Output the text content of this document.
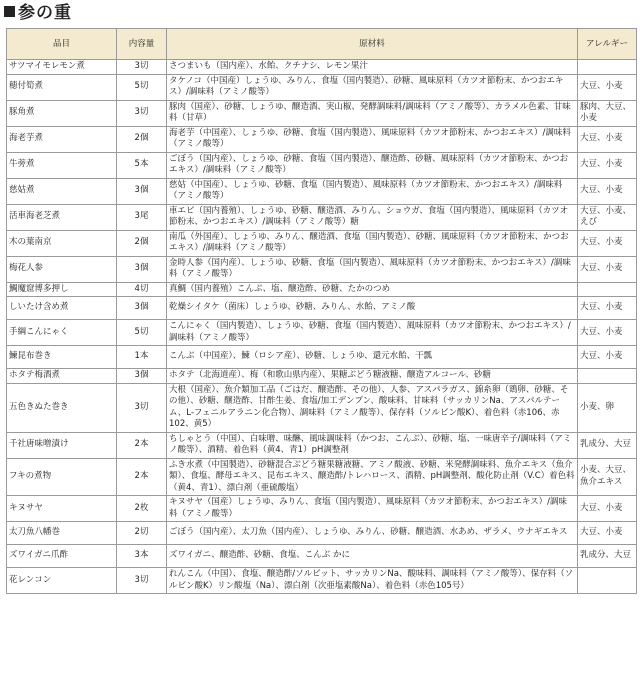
参の重
品目	内容量	原材料	アレルギー
サツマイモレモン煮	3切	さつまいも（国内産）、水飴、クチナシ、レモン果汁	
穂付筍煮	5切	タケノコ（中国産）しょうゆ、みりん、食塩（国内製造）、砂糖、風味原料（カツオ節粉末、かつおエキス）/調味料（アミノ酸等）	大豆、小麦
豚角煮	3切	豚肉（国産）、砂糖、しょうゆ、醸造酒、実山椒、発酵調味料/調味料（アミノ酸等）、カラメル色素、甘味料（甘草）	豚肉、大豆、小麦
海老芋煮	2個	海老芋（中国産）、しょうゆ、砂糖、食塩（国内製造）、風味原料（カツオ節粉末、かつおエキス）/調味料（アミノ酸等）	大豆、小麦
牛蒡煮	5本	ごぼう（国内産）、しょうゆ、砂糖、食塩（国内製造）、醸造酢、砂糖、風味原料（カツオ節粉末、かつおエキス）/調味料（アミノ酸等）	大豆、小麦
慈姑煮	3個	慈姑（中国産）、しょうゆ、砂糖、食塩（国内製造）、風味原料（カツオ節粉末、かつおエキス）/調味料（アミノ酸等）	大豆、小麦
活車海老芝煮	3尾	車エビ（国内養殖）、しょうゆ、砂糖、醸造酒、みりん、ショウガ、食塩（国内製造）、風味原料（カツオ節粉末、かつおエキス）/調味料（アミノ酸等）糖	大豆、小麦、えび
木の葉南京	2個	南瓜（外国産）、しょうゆ、みりん、醸造酒、食塩（国内製造）、砂糖、風味原料（カツオ節粉末、かつおエキス）/調味料（アミノ酸等）	大豆、小麦
梅花人参	3個	金時人参（国内産）、しょうゆ、砂糖、食塩（国内製造）、風味原料（カツオ節粉末、かつおエキス）/調味料（アミノ酸等）	大豆、小麦
鯛魔窟博多押し	4切	真鯛（国内養殖）こんぶ、塩、醸造酢、砂糖、たかのつめ	
しいたけ含め煮	3個	乾燥シイタケ（菌床）しょうゆ、砂糖、みりん、水飴、アミノ酸	大豆、小麦
手綱こんにゃく	5切	こんにゃく（国内製造）、しょうゆ、砂糖、食塩（国内製造）、風味原料（カツオ節粉末、かつおエキス）/調味料（アミノ酸等）	大豆、小麦
鰊昆布巻き	1本	こんぶ（中国産）、鰊（ロシア産）、砂糖、しょうゆ、還元水飴、干瓢	大豆、小麦
ホタテ梅酒煮	3個	ホタテ（北海道産）、梅（和歌山県内産）、果糖ぶどう糖液糖、醸造アルコール、砂糖	
五色きぬた巻き	3切	大根（国産）、魚介類加工品（ごはだ、醸造酢、その他）、人参、アスパラガス、錦糸卵（鶏卵、砂糖、その他）、砂糖、醸造酢、甘酢生姜、食塩/加工デンプン、酸味料、甘味料（サッカリンNa、アスパルテーム、L-フェニルアラニン化合物）、調味料（アミノ酸等）、保存料（ソルビン酸K）、着色料（赤106、赤102、黄5）	小麦、卵
千社唐味噌漬け	2本	ちしゃとう（中国）、白味噌、味醂、風味調味料（かつお、こんぶ）、砂糖、塩、一味唐辛子/調味料（アミノ酸等）、酒精、着色料（黄4、青1）pH調整剤	乳成分、大豆
フキの煮物	2本	ふき水煮（中国製造）、砂糖混合ぶどう糖果糖液糖、アミノ酸液、砂糖、米発酵調味料、魚介エキス（魚介類）、食塩、酵母エキス、昆布エキス、醸造酢/トレハロース、酒精、pH調整剤、酸化防止剤（V.C）着色料（黄4、青1）、漂白剤（亜硫酸塩）	小麦、大豆、魚介エキス
キヌサヤ	2枚	キヌサヤ（国産）しょうゆ、みりん、食塩（国内製造）、風味原料（カツオ節粉末、かつおエキス）/調味料（アミノ酸等）	大豆、小麦
太刀魚八幡巻	2切	ごぼう（国内産）、太刀魚（国内産）、しょうゆ、みりん、砂糖、醸造酒、水あめ、ザラメ、ウナギエキス	大豆、小麦
ズワイガニ爪酢	3本	ズワイガニ、醸造酢、砂糖、食塩、こんぶ かに	乳成分、大豆
花レンコン	3切	れんこん（中国）、食塩、醸造酢/ソルビット、サッカリンNa、酸味料、調味料（アミノ酸等）、保存料（ソルビン酸K）リン酸塩（Na）、漂白剤（次亜塩素酸Na）、着色料（赤色105号）	
